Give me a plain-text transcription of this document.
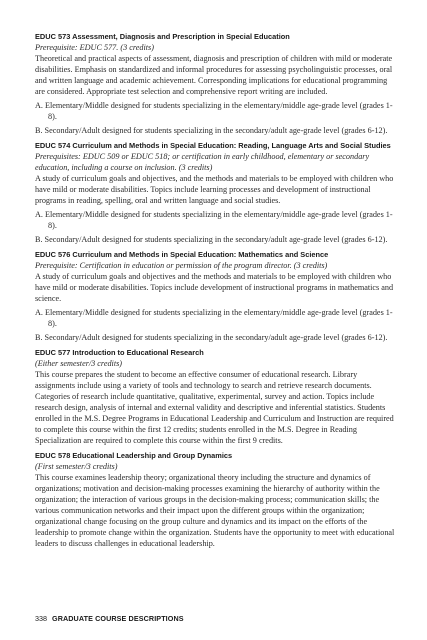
EDUC 573 Assessment, Diagnosis and Prescription in Special Education
Prerequisite: EDUC 577. (3 credits)
Theoretical and practical aspects of assessment, diagnosis and prescription of children with mild or moderate disabilities. Emphasis on standardized and informal procedures for assessing psycholinguistic processes, oral and written language and academic achievement. Corresponding implications for educational programming are considered. Appropriate test selection and comprehensive report writing are included.
A. Elementary/Middle designed for students specializing in the elementary/middle age-grade level (grades 1-8).
B. Secondary/Adult designed for students specializing in the secondary/adult age-grade level (grades 6-12).
EDUC 574 Curriculum and Methods in Special Education: Reading, Language Arts and Social Studies
Prerequisites: EDUC 509 or EDUC 518; or certification in early childhood, elementary or secondary education, including a course on inclusion. (3 credits)
A study of curriculum goals and objectives, and the methods and materials to be employed with children who have mild or moderate disabilities. Topics include learning processes and development of instructional programs in reading, spelling, oral and written language and social studies.
A. Elementary/Middle designed for students specializing in the elementary/middle age-grade level (grades 1-8).
B. Secondary/Adult designed for students specializing in the secondary/adult age-grade level (grades 6-12).
EDUC 576 Curriculum and Methods in Special Education: Mathematics and Science
Prerequisite: Certification in education or permission of the program director. (3 credits)
A study of curriculum goals and objectives and the methods and materials to be employed with children who have mild or moderate disabilities. Topics include development of instructional programs in mathematics and science.
A. Elementary/Middle designed for students specializing in the elementary/middle age-grade level (grades 1-8).
B. Secondary/Adult designed for students specializing in the secondary/adult age-grade level (grades 6-12).
EDUC 577 Introduction to Educational Research
(Either semester/3 credits)
This course prepares the student to become an effective consumer of educational research. Library assignments include using a variety of tools and technology to search and retrieve research documents. Categories of research include quantitative, qualitative, experimental, survey and action. Topics include research design, analysis of internal and external validity and descriptive and inferential statistics. Students enrolled in the M.S. Degree Programs in Educational Leadership and Curriculum and Instruction are required to complete this course within the first 12 credits; students enrolled in the M.S. Degree in Reading Specialization are required to complete this course within the first 9 credits.
EDUC 578 Educational Leadership and Group Dynamics
(First semester/3 credits)
This course examines leadership theory; organizational theory including the structure and dynamics of organizations; motivation and decision-making processes examining the hierarchy of authority within the organization; the interaction of various groups in the decision-making process; communication skills; the various communication networks and their impact upon the different groups within the organization; organizational change focusing on the group culture and dynamics and its impact on the efforts of the leadership to promote change within the organization. Students have the opportunity to meet with educational leaders to discuss challenges in educational leadership.
338 GRADUATE COURSE DESCRIPTIONS
